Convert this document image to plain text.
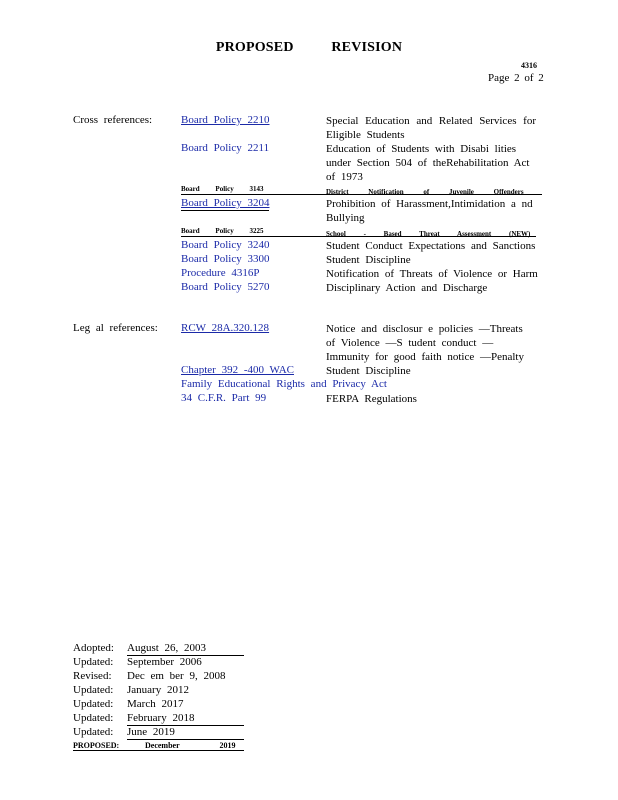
PROPOSED REVISION
4316
Page 2 of 2
Cross references:	Board Policy 2210	Special Education and Related Services for Eligible Students
Board Policy 2211	Education of Students with Disabi lities under Section 504 of theRehabilitation Act of 1973
Board Policy 3143	District Notification of Juvenile Offenders
Board Policy 3204	Prohibition of Harassment,Intimidation a nd Bullying
Board Policy 3225	School - Based Threat Assessment (NEW)
Board Policy 3240	Student Conduct Expectations and Sanctions
Board Policy 3300	Student Discipline
Procedure 4316P	Notification of Threats of Violence or Harm
Board Policy 5270	Disciplinary Action and Discharge
Leg al references: RCW 28A.320.128	Notice and disclosur e policies —Threats of Violence —S tudent conduct —Immunity for good faith notice —Penalty
Chapter 392 -400 WAC	Student Discipline
Family Educational Rights and Privacy Act
34 C.F.R. Part 99	FERPA Regulations
Adopted: August 26, 2003
Updated: September 2006
Revised: Dec em ber 9, 2008
Updated: January 2012
Updated: March 2017
Updated: February 2018
Updated: June 2019
PROPOSED:	December 2019
